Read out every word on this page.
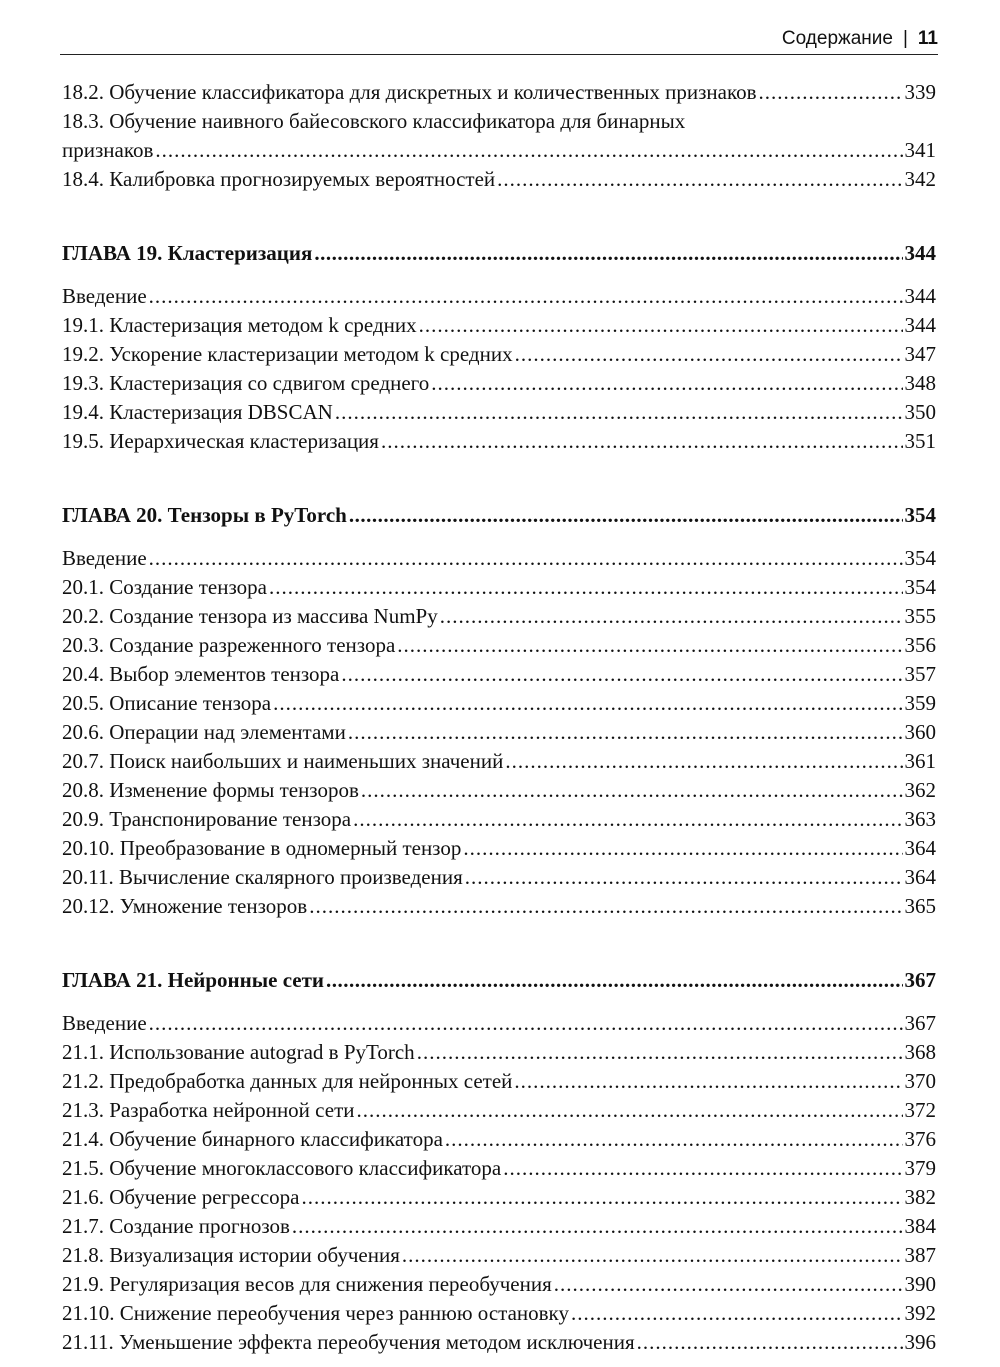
Содержание | 11
18.2. Обучение классификатора для дискретных и количественных признаков .....	339
18.3. Обучение наивного байесовского классификатора для бинарных
признаков .....	341
18.4. Калибровка прогнозируемых вероятностей .....	342
ГЛАВА 19. Кластеризация .....	344
Введение .....	344
19.1. Кластеризация методом k средних .....	344
19.2. Ускорение кластеризации методом k средних .....	347
19.3. Кластеризация со сдвигом среднего .....	348
19.4. Кластеризация DBSCAN .....	350
19.5. Иерархическая кластеризация .....	351
ГЛАВА 20. Тензоры в PyTorch .....	354
Введение .....	354
20.1. Создание тензора .....	354
20.2. Создание тензора из массива NumPy .....	355
20.3. Создание разреженного тензора .....	356
20.4. Выбор элементов тензора .....	357
20.5. Описание тензора .....	359
20.6. Операции над элементами .....	360
20.7. Поиск наибольших и наименьших значений .....	361
20.8. Изменение формы тензоров .....	362
20.9. Транспонирование тензора .....	363
20.10. Преобразование в одномерный тензор .....	364
20.11. Вычисление скалярного произведения .....	364
20.12. Умножение тензоров .....	365
ГЛАВА 21. Нейронные сети .....	367
Введение .....	367
21.1. Использование autograd в PyTorch .....	368
21.2. Предобработка данных для нейронных сетей .....	370
21.3. Разработка нейронной сети .....	372
21.4. Обучение бинарного классификатора .....	376
21.5. Обучение многоклассового классификатора .....	379
21.6. Обучение регрессора .....	382
21.7. Создание прогнозов .....	384
21.8. Визуализация истории обучения .....	387
21.9. Регуляризация весов для снижения переобучения .....	390
21.10. Снижение переобучения через раннюю остановку .....	392
21.11. Уменьшение эффекта переобучения методом исключения .....	396
